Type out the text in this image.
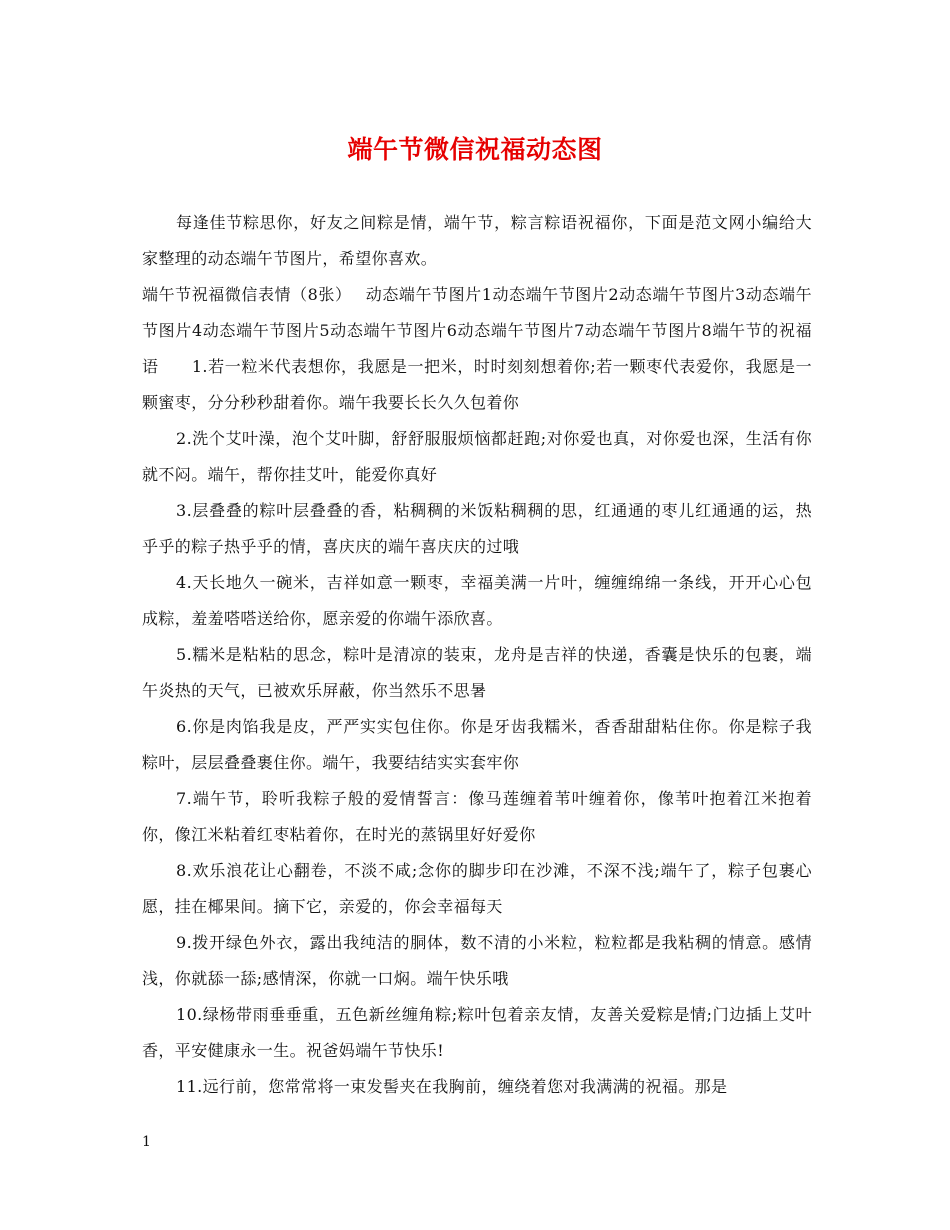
端午节微信祝福动态图

每逢佳节粽思你，好友之间粽是情，端午节，粽言粽语祝福你，下面是范文网小编给大家整理的动态端午节图片，希望你喜欢。

端午节祝福微信表情（8张）　 动态端午节图片1动态端午节图片2动态端午节图片3动态端午节图片4动态端午节图片5动态端午节图片6动态端午节图片7动态端午节图片8端午节的祝福语　　1.若一粒米代表想你，我愿是一把米，时时刻刻想着你;若一颗枣代表爱你，我愿是一颗蜜枣，分分秒秒甜着你。端午我要长长久久包着你

2.洗个艾叶澡，泡个艾叶脚，舒舒服服烦恼都赶跑;对你爱也真，对你爱也深，生活有你就不闷。端午，帮你挂艾叶，能爱你真好

3.层叠叠的粽叶层叠叠的香，粘稠稠的米饭粘稠稠的思，红通通的枣儿红通通的运，热乎乎的粽子热乎乎的情，喜庆庆的端午喜庆庆的过哦

4.天长地久一碗米，吉祥如意一颗枣，幸福美满一片叶，缠缠绵绵一条线，开开心心包成粽，羞羞嗒嗒送给你，愿亲爱的你端午添欣喜。

5.糯米是粘粘的思念，粽叶是清凉的装束，龙舟是吉祥的快递，香囊是快乐的包裹，端午炎热的天气，已被欢乐屏蔽，你当然乐不思暑

6.你是肉馅我是皮，严严实实包住你。你是牙齿我糯米，香香甜甜粘住你。你是粽子我粽叶，层层叠叠裹住你。端午，我要结结实实套牢你

7.端午节，聆听我粽子般的爱情誓言：像马莲缠着苇叶缠着你，像苇叶抱着江米抱着你，像江米粘着红枣粘着你，在时光的蒸锅里好好爱你

8.欢乐浪花让心翻卷，不淡不咸;念你的脚步印在沙滩，不深不浅;端午了，粽子包裹心愿，挂在椰果间。摘下它，亲爱的，你会幸福每天

9.拨开绿色外衣，露出我纯洁的胴体，数不清的小米粒，粒粒都是我粘稠的情意。感情浅，你就舔一舔;感情深，你就一口焖。端午快乐哦

10.绿杨带雨垂垂重，五色新丝缠角粽;粽叶包着亲友情，友善关爱粽是情;门边插上艾叶香，平安健康永一生。祝爸妈端午节快乐!

11.远行前，您常常将一束发髻夹在我胸前，缠绕着您对我满满的祝福。那是

1
